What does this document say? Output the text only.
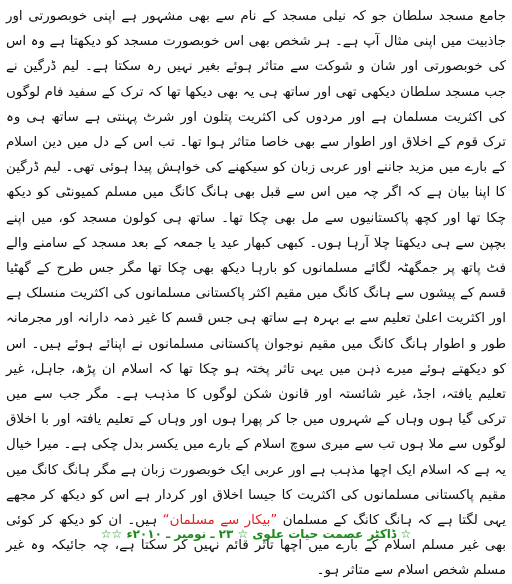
جامع مسجد سلطان جو کہ نیلی مسجد کے نام سے بھی مشہور ہے اپنی خوبصورتی اور جاذبیت میں اپنی مثال آپ ہے۔ ہر شخص بھی اس خوبصورت مسجد کو دیکھتا ہے وہ اس کی خوبصورتی اور شان و شوکت سے متاثر ہوئے بغیر نہیں رہ سکتا ہے۔ لیم ڈرگین نے جب مسجد سلطان دیکھی تھی اور ساتھ ہی یہ بھی دیکھا تھا کہ ترک کے سفید فام لوگوں کی اکثریت مسلمان ہے اور مردوں کی اکثریت پتلون اور شرٹ پہنتی ہے ساتھ ہی وہ ترک قوم کے اخلاق اور اطوار سے بھی خاصا متاثر ہوا تھا۔ تب اس کے دل میں دین اسلام کے بارے میں مزید جاننے اور عربی زبان کو سیکھنے کی خواہش پیدا ہوئی تھی۔ لیم ڈرگین کا اپنا بیان ہے کہ اگر چہ میں اس سے قبل بھی ہانگ کانگ میں مسلم کمیونٹی کو دیکھ چکا تھا اور کچھ پاکستانیوں سے مل بھی چکا تھا۔ ساتھ ہی کولون مسجد کو، میں اپنے بچپن سے ہی دیکھتا چلا آرہا ہوں۔ کبھی کبھار عید یا جمعہ کے بعد مسجد کے سامنے والے فٹ پاتھ پر جمگھٹہ لگائے مسلمانوں کو بارہا دیکھ بھی چکا تھا مگر جس طرح کے گھٹیا قسم کے پیشوں سے ہانگ کانگ میں مقیم اکثر پاکستانی مسلمانوں کی اکثریت منسلک ہے اور اکثریت اعلیٰ تعلیم سے بے بہرہ ہے ساتھ ہی جس قسم کا غیر ذمہ دارانہ اور مجرمانہ طور و اطوار ہانگ کانگ میں مقیم نوجوان پاکستانی مسلمانوں نے اپنائے ہوئے ہیں۔ اس کو دیکھتے ہوئے میرے ذہن میں یہی تاثر پختہ ہو چکا تھا کہ اسلام ان پڑھ، جاہل، غیر تعلیم یافتہ، اجڈ، غیر شائستہ اور قانون شکن لوگوں کا مذہب ہے۔ مگر جب سے میں ترکی گیا ہوں وہاں کے شہروں میں جا کر پھرا ہوں اور وہاں کے تعلیم یافتہ اور با اخلاق لوگوں سے ملا ہوں تب سے میری سوچ اسلام کے بارے میں یکسر بدل چکی ہے۔ میرا خیال یہ ہے کہ اسلام ایک اچھا مذہب ہے اور عربی ایک خوبصورت زبان ہے مگر ہانگ کانگ میں مقیم پاکستانی مسلمانوں کی اکثریت کا جیسا اخلاق اور کردار ہے اس کو دیکھ کر مجھے یہی لگتا ہے کہ ہانگ کانگ کے مسلمان ”بیکار سے مسلمان“ ہیں۔ ان کو دیکھ کر کوئی بھی غیر مسلم اسلام کے بارے میں اچھا تاثر قائم نہیں کر سکتا ہے، چہ جائیکہ وہ غیر مسلم شخص اسلام سے متاثر ہو۔

☆ ڈاکٹر عصمت حیات علوی ☆ ۲۳ ـ نومبر ـ ۲۰۱۰ء ☆☆
